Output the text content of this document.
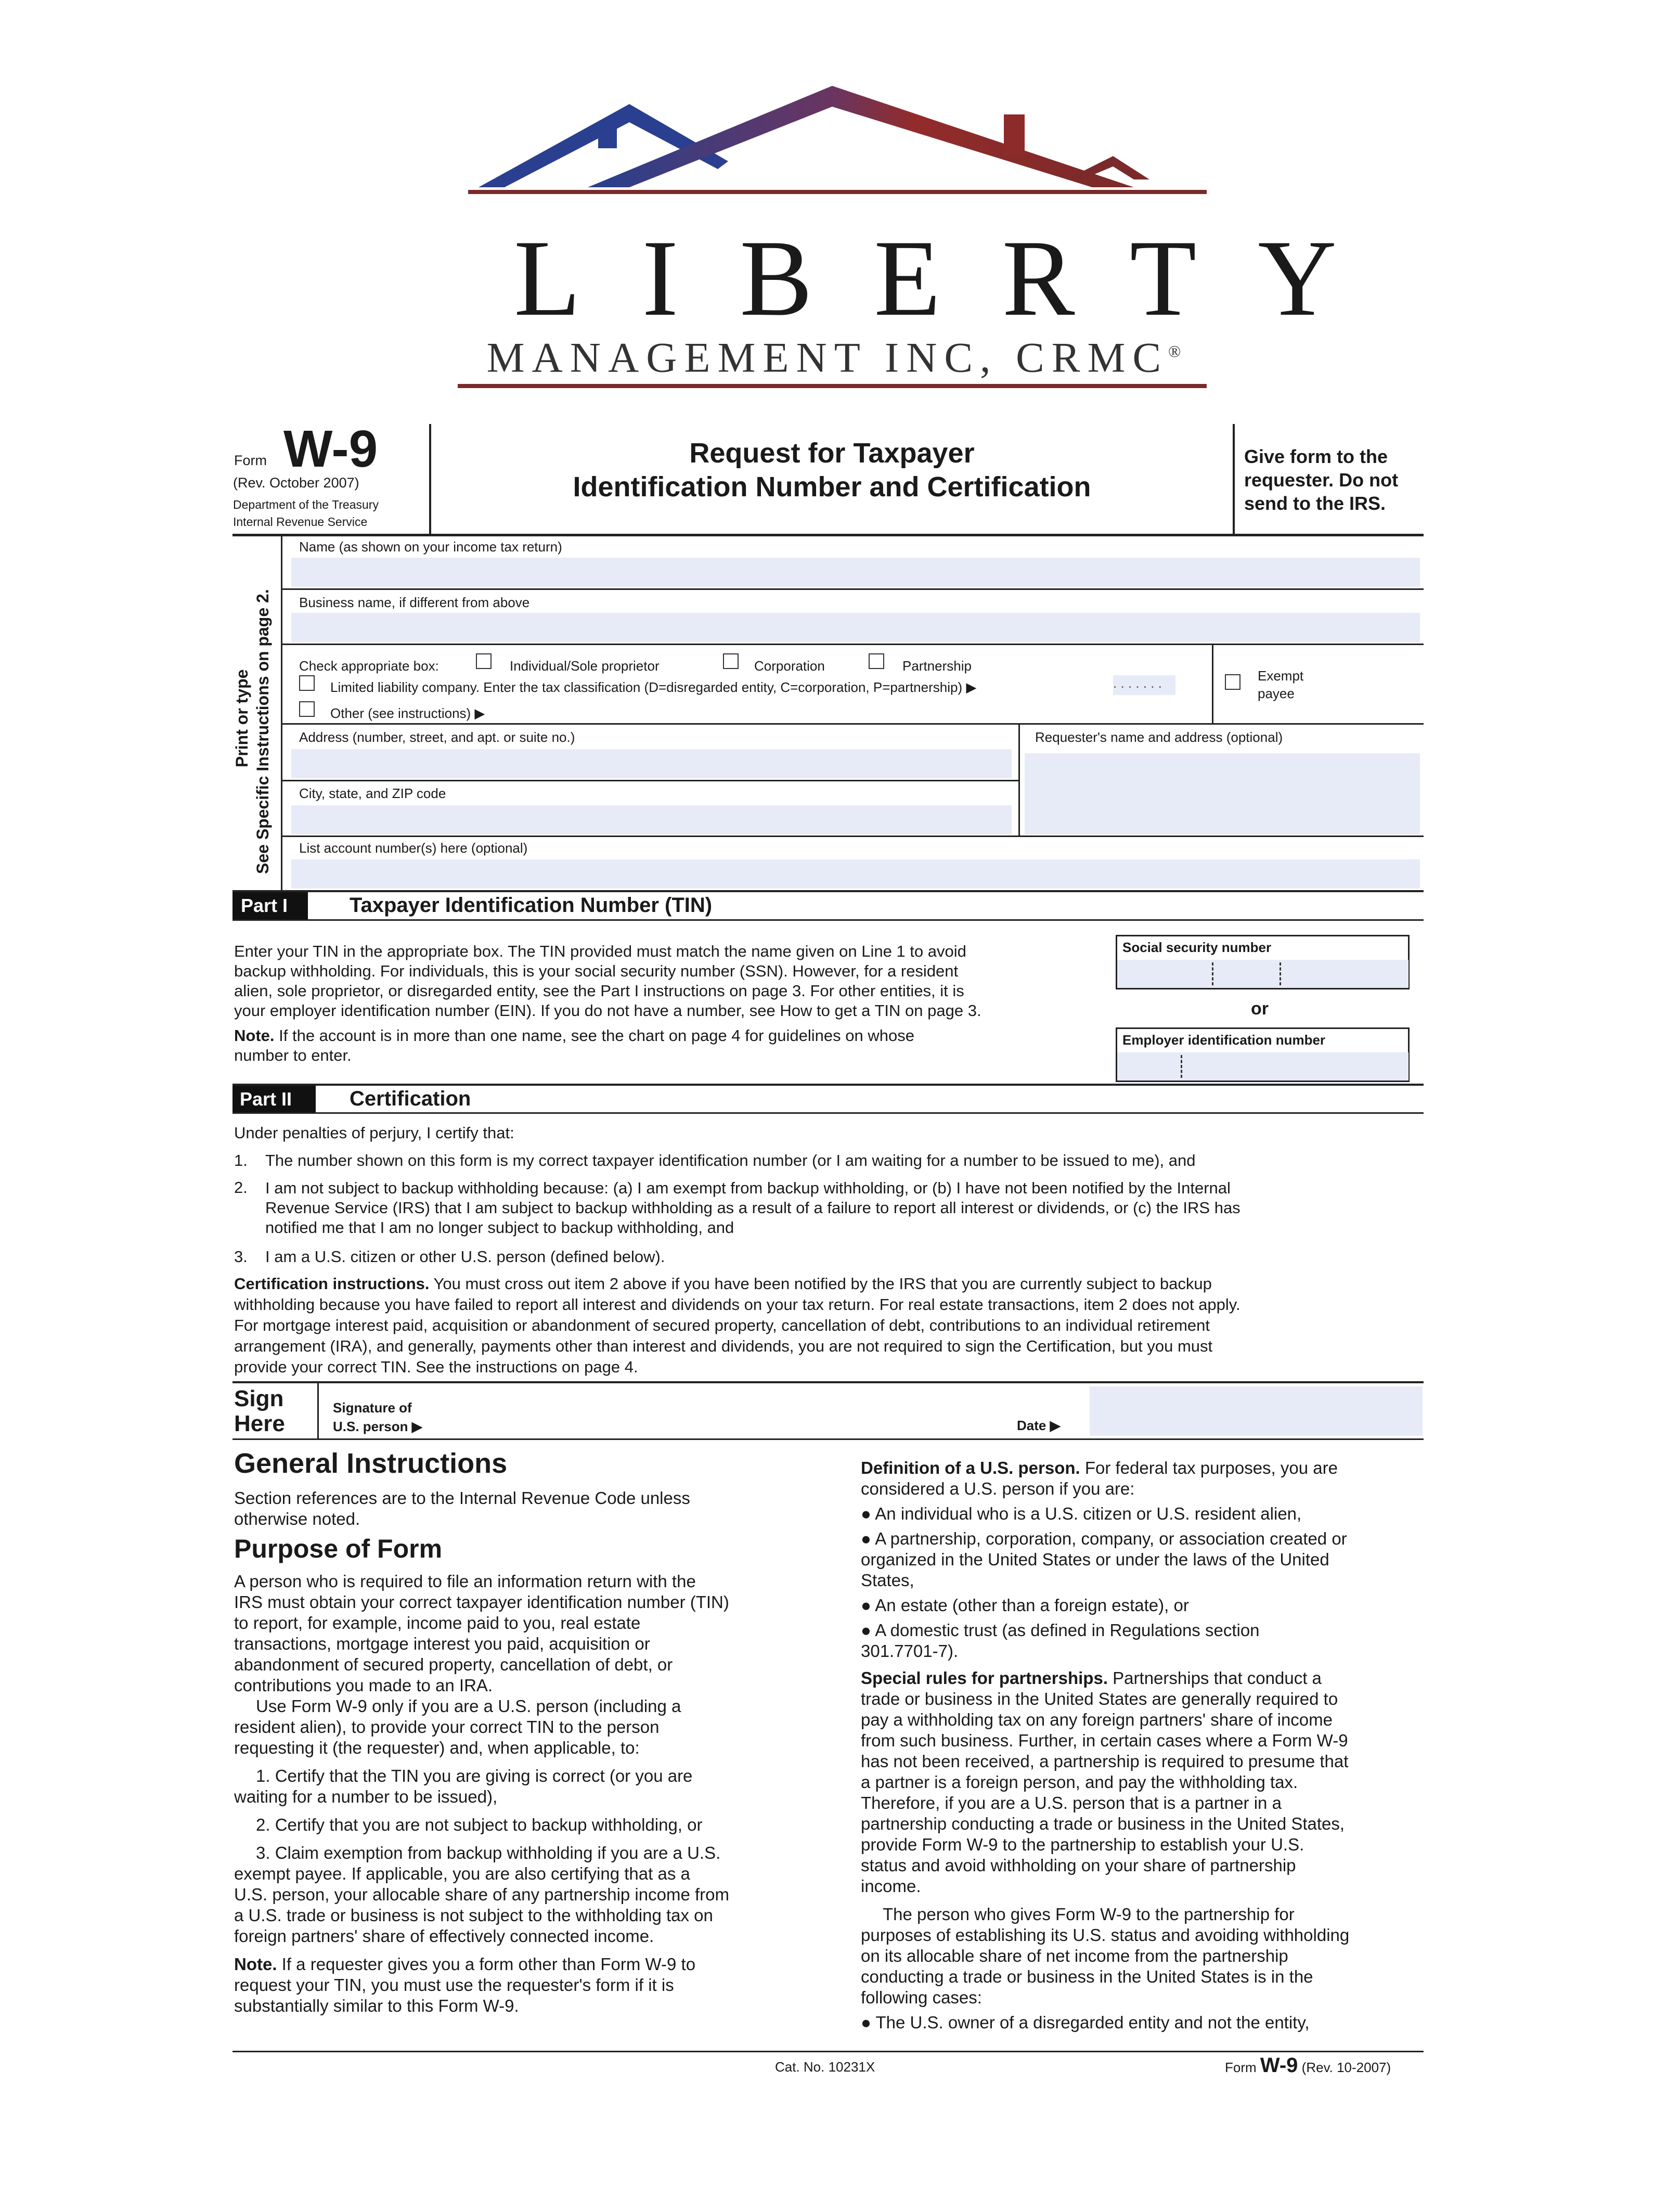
LIBERTY
MANAGEMENT INC, CRMC®
Form W-9
(Rev. October 2007)
Department of the Treasury
Internal Revenue Service
Request for Taxpayer
Identification Number and Certification
Give form to the requester. Do not send to the IRS.
Print or type See Specific Instructions on page 2.
Name (as shown on your income tax return)
Business name, if different from above
Check appropriate box:	Individual/Sole proprietor	Corporation	Partnership
Limited liability company. Enter the tax classification (D=disregarded entity, C=corporation, P=partnership) ▶	. . . . . . .
Other (see instructions) ▶
Exempt payee
Address (number, street, and apt. or suite no.)
City, state, and ZIP code
Requester's name and address (optional)
List account number(s) here (optional)
Part I	Taxpayer Identification Number (TIN)
Enter your TIN in the appropriate box. The TIN provided must match the name given on Line 1 to avoid
backup withholding. For individuals, this is your social security number (SSN). However, for a resident
alien, sole proprietor, or disregarded entity, see the Part I instructions on page 3. For other entities, it is
your employer identification number (EIN). If you do not have a number, see How to get a TIN on page 3.
Note. If the account is in more than one name, see the chart on page 4 for guidelines on whose
number to enter.
Social security number
or
Employer identification number
Part II	Certification
Under penalties of perjury, I certify that:
1. The number shown on this form is my correct taxpayer identification number (or I am waiting for a number to be issued to me), and
2. I am not subject to backup withholding because: (a) I am exempt from backup withholding, or (b) I have not been notified by the Internal
Revenue Service (IRS) that I am subject to backup withholding as a result of a failure to report all interest or dividends, or (c) the IRS has
notified me that I am no longer subject to backup withholding, and
3. I am a U.S. citizen or other U.S. person (defined below).
Certification instructions. You must cross out item 2 above if you have been notified by the IRS that you are currently subject to backup
withholding because you have failed to report all interest and dividends on your tax return. For real estate transactions, item 2 does not apply.
For mortgage interest paid, acquisition or abandonment of secured property, cancellation of debt, contributions to an individual retirement
arrangement (IRA), and generally, payments other than interest and dividends, you are not required to sign the Certification, but you must
provide your correct TIN. See the instructions on page 4.
Sign
Here
Signature of
U.S. person ▶	Date ▶
General Instructions
Section references are to the Internal Revenue Code unless
otherwise noted.
Purpose of Form
A person who is required to file an information return with the
IRS must obtain your correct taxpayer identification number (TIN)
to report, for example, income paid to you, real estate
transactions, mortgage interest you paid, acquisition or
abandonment of secured property, cancellation of debt, or
contributions you made to an IRA.
Use Form W-9 only if you are a U.S. person (including a
resident alien), to provide your correct TIN to the person
requesting it (the requester) and, when applicable, to:
1. Certify that the TIN you are giving is correct (or you are
waiting for a number to be issued),
2. Certify that you are not subject to backup withholding, or
3. Claim exemption from backup withholding if you are a U.S.
exempt payee. If applicable, you are also certifying that as a
U.S. person, your allocable share of any partnership income from
a U.S. trade or business is not subject to the withholding tax on
foreign partners' share of effectively connected income.
Note. If a requester gives you a form other than Form W-9 to
request your TIN, you must use the requester's form if it is
substantially similar to this Form W-9.
Definition of a U.S. person. For federal tax purposes, you are
considered a U.S. person if you are:
● An individual who is a U.S. citizen or U.S. resident alien,
● A partnership, corporation, company, or association created or
organized in the United States or under the laws of the United
States,
● An estate (other than a foreign estate), or
● A domestic trust (as defined in Regulations section
301.7701-7).
Special rules for partnerships. Partnerships that conduct a
trade or business in the United States are generally required to
pay a withholding tax on any foreign partners' share of income
from such business. Further, in certain cases where a Form W-9
has not been received, a partnership is required to presume that
a partner is a foreign person, and pay the withholding tax.
Therefore, if you are a U.S. person that is a partner in a
partnership conducting a trade or business in the United States,
provide Form W-9 to the partnership to establish your U.S.
status and avoid withholding on your share of partnership
income.
The person who gives Form W-9 to the partnership for
purposes of establishing its U.S. status and avoiding withholding
on its allocable share of net income from the partnership
conducting a trade or business in the United States is in the
following cases:
● The U.S. owner of a disregarded entity and not the entity,
Cat. No. 10231X	Form W-9 (Rev. 10-2007)
